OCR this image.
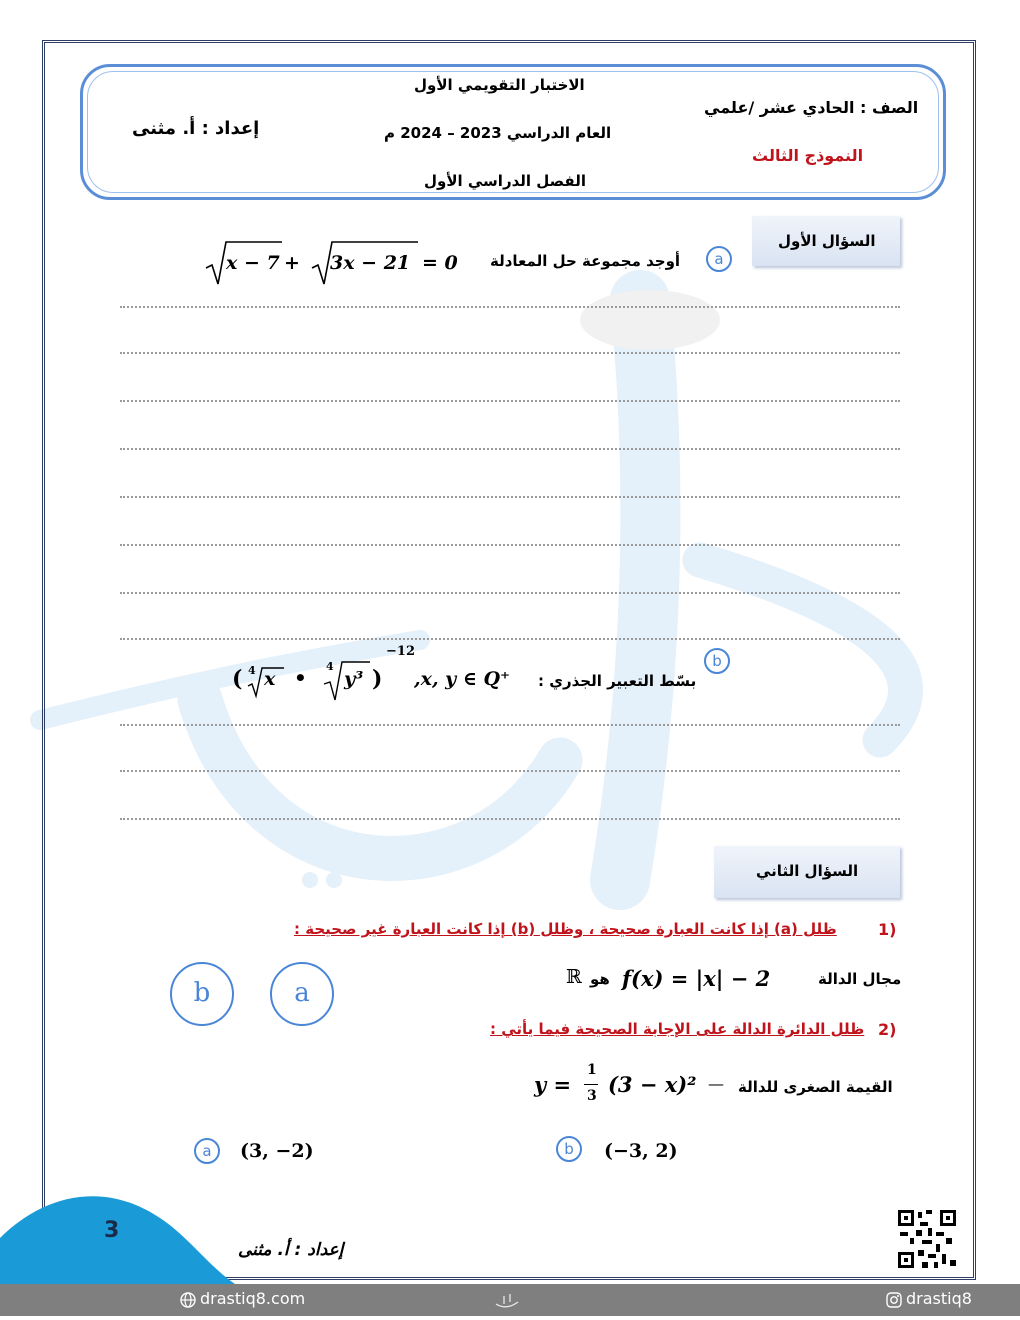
الاختبار التقويمي الأول
العام الدراسي 2023 – 2024 م
الفصل الدراسي الأول
الصف : الحادي عشر /علمي
النموذج الثالث
إعداد : أ. مثنى
السؤال الأول
a
أوجد مجموعة حل المعادلة
x − 7 + 3x − 21 = 0
b
بسّط التعبير الجذري :
,x, y ∈ Q⁺
( 4 x • 4
y³ )
−12
السؤال الثاني
1)
ظلل (a) إذا كانت العبارة صحيحة ، وظلل (b) إذا كانت العبارة غير صحيحة :
مجال الدالة
f(x) = |x| − 2
هو
ℝ
a
b
2)
ظلل الدائرة الدالة على الإجابة الصحيحة فيما يأتي :
القيمة الصغرى للدالة
—
(3 − x)²
1
3
y =
a	(3, −2)	b	(−3, 2)
3
إعداد : أ. مثنى
drastiq8.com	drastiq8
